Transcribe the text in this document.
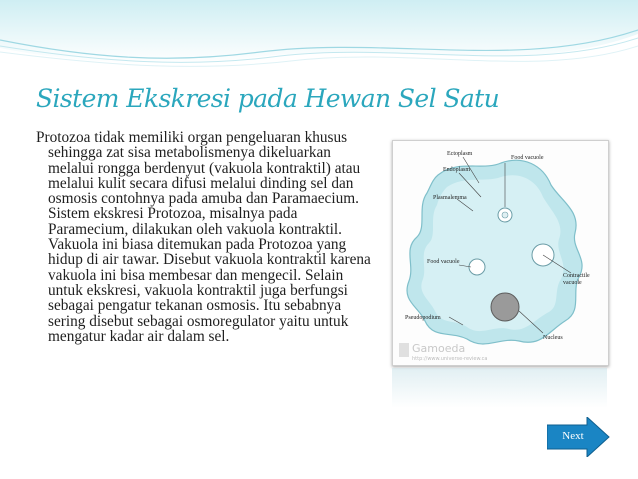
Sistem Ekskresi pada Hewan Sel Satu

Protozoa tidak memiliki organ pengeluaran khusus sehingga zat sisa metabolismenya dikeluarkan melalui rongga berdenyut (vakuola kontraktil) atau melalui kulit secara difusi melalui dinding sel dan osmosis contohnya pada amuba dan Paramaecium. Sistem ekskresi Protozoa, misalnya pada Paramecium, dilakukan oleh vakuola kontraktil. Vakuola ini biasa ditemukan pada Protozoa yang hidup di air tawar. Disebut vakuola kontraktil karena vakuola ini bisa membesar dan mengecil. Selain untuk ekskresi, vakuola kontraktil juga berfungsi sebagai pengatur tekanan osmosis. Itu sebabnya sering disebut sebagai osmoregulator yaitu untuk mengatur kadar air dalam sel.

Ectoplasm
Endoplasm
Plasmalemma
Food vacuole
Food vacuole
Contractile vacuole
Pseudopodium
Nucleus
Gamoeda
http://www.universe-review.ca
Next
